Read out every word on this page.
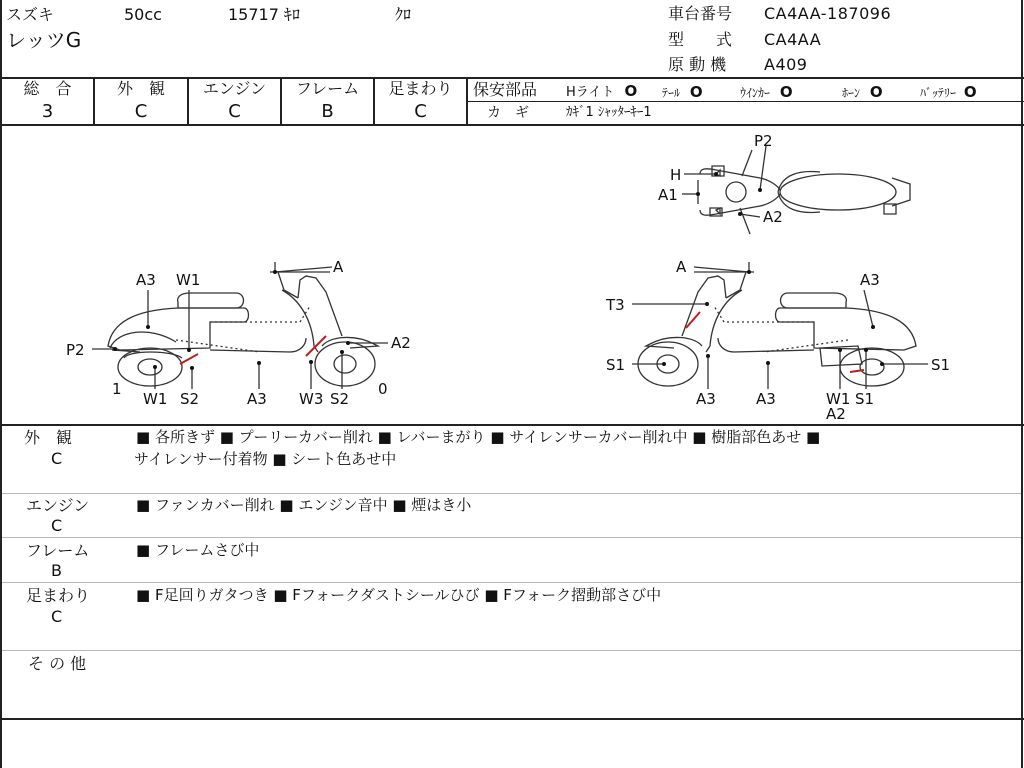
スズキ	50cc	15717 ｷﾛ	ｸﾛ
レッツG
車台番号 CA4AA-187096
型　　式 CA4AA
原 動 機 A409
総　合
3
外　観
C
エンジン
C
フレーム
B
足まわり
C
保安部品 Hライト O ﾃｰﾙ O	ｳｲﾝｶｰ O	ﾎｰﾝ O	ﾊﾞｯﾃﾘｰ O
カ　ギ	ｶｷﾞ1 ｼｬｯﾀｰｷｰ1
A3 W1
A
P2	A2
1
W1 S2	A3 W3 S2
0
A
A3
T3
S1	S1
A3	A3	W1 S1
A2
P2
H
A1
A2
外　観
C
■ 各所きず ■ プーリーカバー削れ ■ レバーまがり ■ サイレンサーカバー削れ中 ■ 樹脂部色あせ ■
サイレンサー付着物 ■ シート色あせ中
エンジン
C
■ ファンカバー削れ ■ エンジン音中 ■ 煙はき小
フレーム
B
■ フレームさび中
足まわり
C
■ F足回りガタつき ■ Fフォークダストシールひび ■ Fフォーク摺動部さび中
そ の 他
